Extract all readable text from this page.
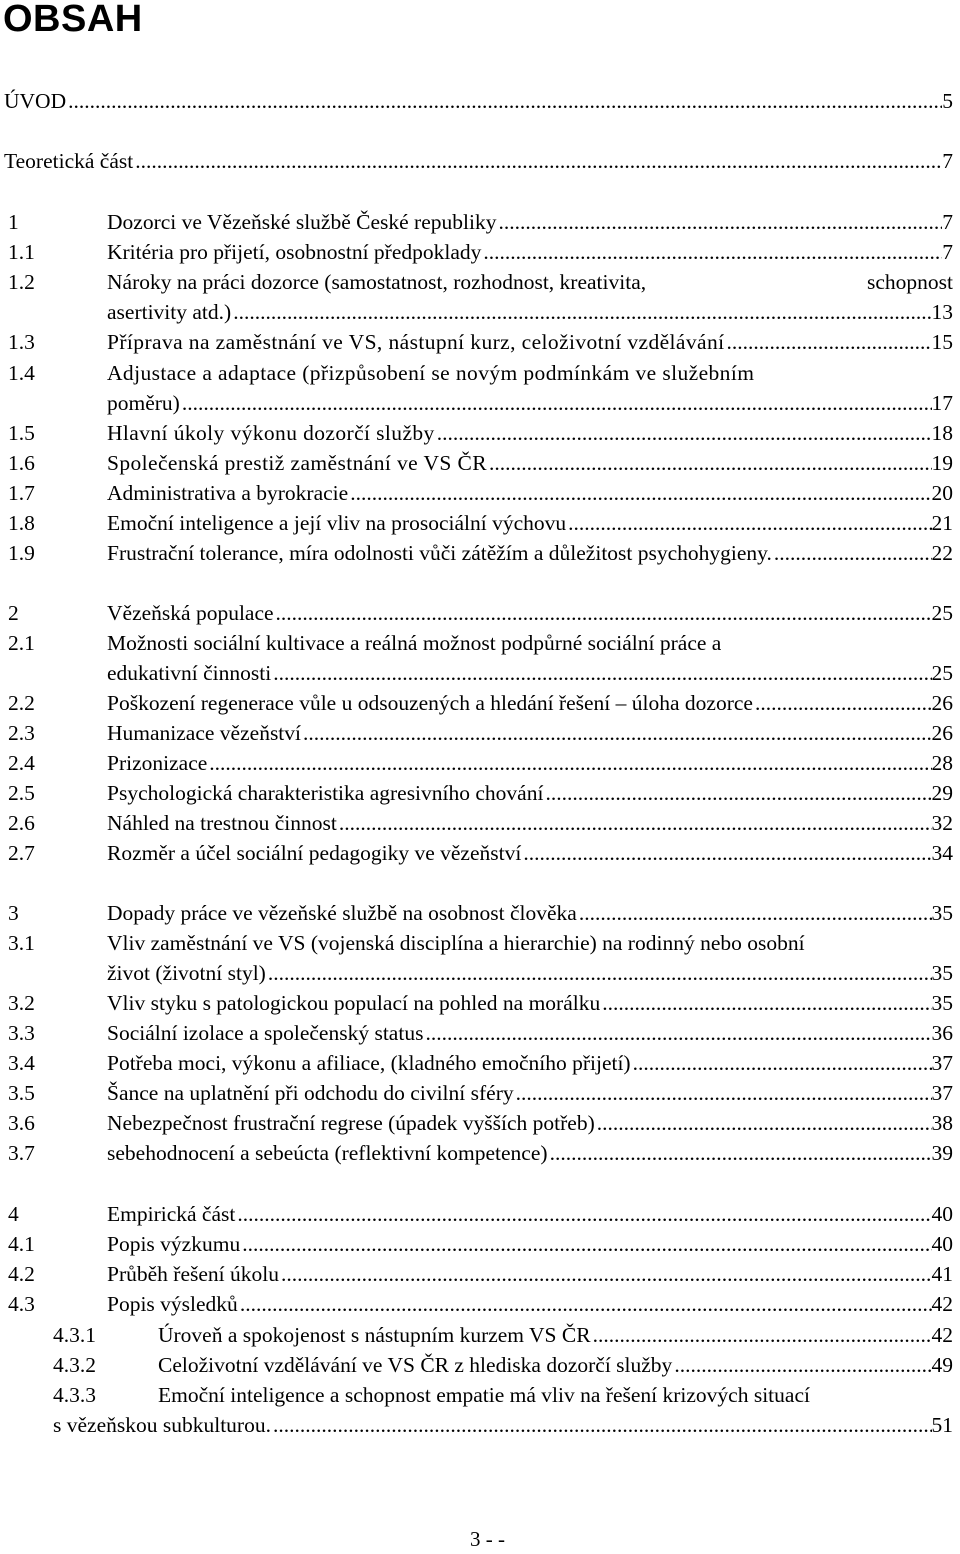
OBSAH
ÚVOD .....	5
Teoretická část .....	7
1	Dozorci ve Vězeňské službě České republiky .....	7
1.1	Kritéria pro přijetí, osobnostní předpoklady .....	7
1.2	Nároky na práci dozorce (samostatnost, rozhodnost, kreativita,	schopnost
asertivity atd.) .....	13
1.3	Příprava na zaměstnání ve VS, nástupní kurz, celoživotní vzdělávání .....	15
1.4	Adjustace a adaptace (přizpůsobení se novým podmínkám ve služebním
poměru) .....	17
1.5	Hlavní úkoly výkonu dozorčí služby .....	18
1.6	Společenská prestiž zaměstnání ve VS ČR .....	19
1.7	Administrativa a byrokracie .....	20
1.8	Emoční inteligence a její vliv na prosociální výchovu .....	21
1.9	Frustrační tolerance, míra odolnosti vůči zátěžím a důležitost psychohygieny. .....	22
2	Vězeňská populace .....	25
2.1	Možnosti sociální kultivace a reálná možnost podpůrné sociální práce a
edukativní činnosti .....	25
2.2	Poškození regenerace vůle u odsouzených a hledání řešení – úloha dozorce .....	26
2.3	Humanizace vězeňství .....	26
2.4	Prizonizace .....	28
2.5	Psychologická charakteristika agresivního chování .....	29
2.6	Náhled na trestnou činnost .....	32
2.7	Rozměr a účel sociální pedagogiky ve vězeňství .....	34
3	Dopady práce ve vězeňské službě na osobnost člověka .....	35
3.1	Vliv zaměstnání ve VS (vojenská disciplína a hierarchie) na rodinný nebo osobní
život (životní styl) .....	35
3.2	Vliv styku s patologickou populací na pohled na morálku .....	35
3.3	Sociální izolace a společenský status .....	36
3.4	Potřeba moci, výkonu a afiliace, (kladného emočního přijetí) .....	37
3.5	Šance na uplatnění při odchodu do civilní sféry .....	37
3.6	Nebezpečnost frustrační regrese (úpadek vyšších potřeb) .....	38
3.7	sebehodnocení a sebeúcta (reflektivní kompetence) .....	39
4	Empirická část .....	40
4.1	Popis výzkumu .....	40
4.2	Průběh řešení úkolu .....	41
4.3	Popis výsledků .....	42
4.3.1	Úroveň a spokojenost s nástupním kurzem VS ČR .....	42
4.3.2	Celoživotní vzdělávání ve VS ČR z hlediska dozorčí služby .....	49
4.3.3	Emoční inteligence a schopnost empatie má vliv na řešení krizových situací
s vězeňskou subkulturou. .....	51
3 - -
